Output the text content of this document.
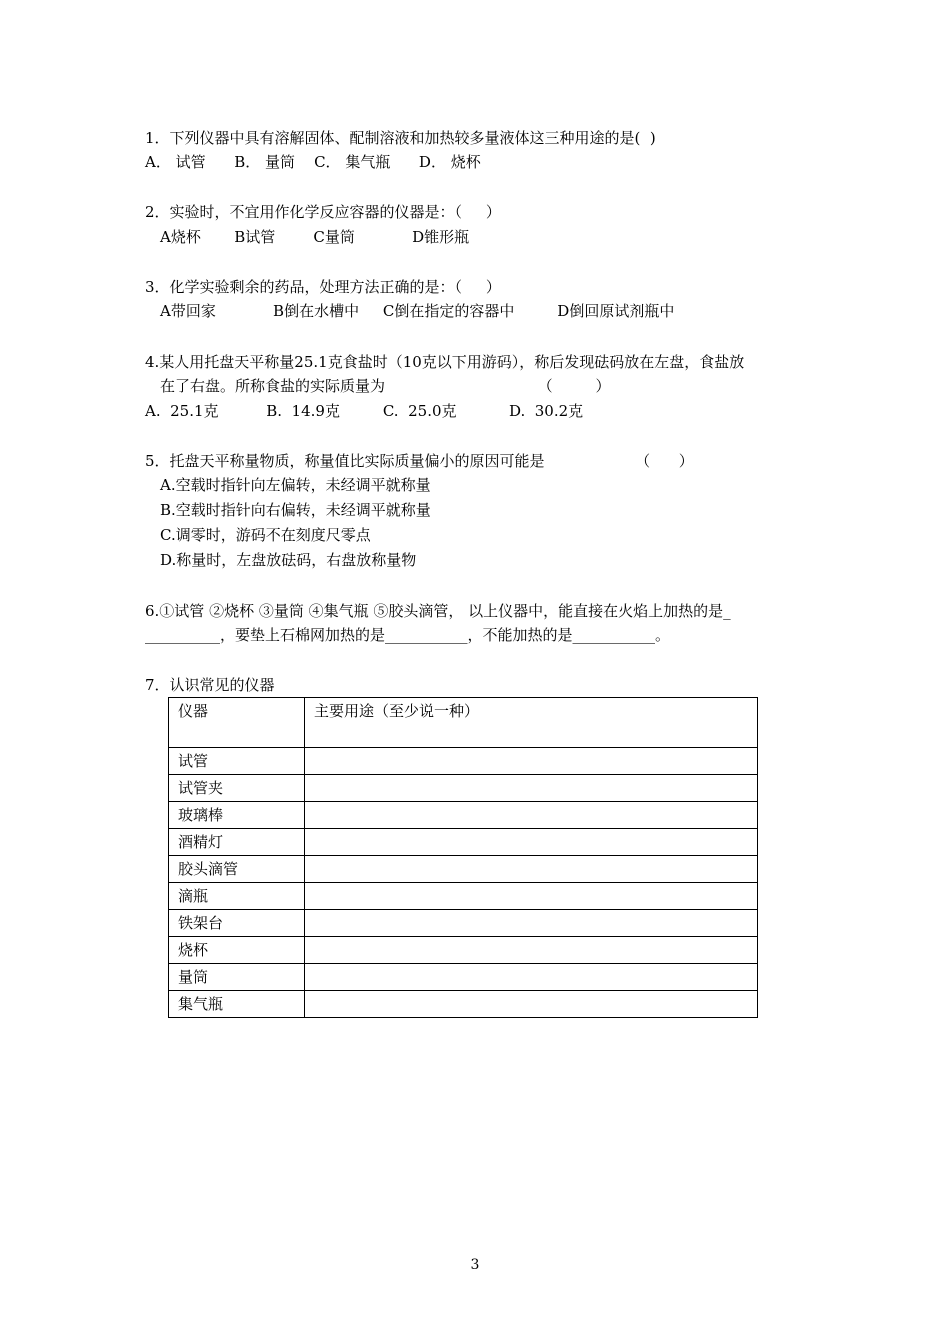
1．下列仪器中具有溶解固体、配制溶液和加热较多量液体这三种用途的是(  )
A． 试管      B． 量筒    C． 集气瓶      D． 烧杯
2．实验时，不宜用作化学反应容器的仪器是：（     ）
A烧杯       B试管        C量筒            D锥形瓶
3．化学实验剩余的药品，处理方法正确的是：（     ）
A带回家            B倒在水槽中     C倒在指定的容器中         D倒回原试剂瓶中
4.某人用托盘天平称量25.1克食盐时（10克以下用游码），称后发现砝码放在左盘，食盐放
在了右盘。所称食盐的实际质量为                                （         ）
A.  25.1克          B.  14.9克         C.  25.0克           D.  30.2克
5．托盘天平称量物质，称量值比实际质量偏小的原因可能是                   （      ）
A.空载时指针向左偏转，未经调平就称量
B.空载时指针向右偏转，未经调平就称量
C.调零时，游码不在刻度尺零点
D.称量时，左盘放砝码，右盘放称量物
6.①试管 ②烧杯 ③量筒 ④集气瓶 ⑤胶头滴管， 以上仪器中，能直接在火焰上加热的是_
__________，要垫上石棉网加热的是___________，不能加热的是___________。
7．认识常见的仪器
仪器	主要用途（至少说一种）
试管	
试管夹	
玻璃棒	
酒精灯	
胶头滴管	
滴瓶	
铁架台	
烧杯	
量筒	
集气瓶	
3
